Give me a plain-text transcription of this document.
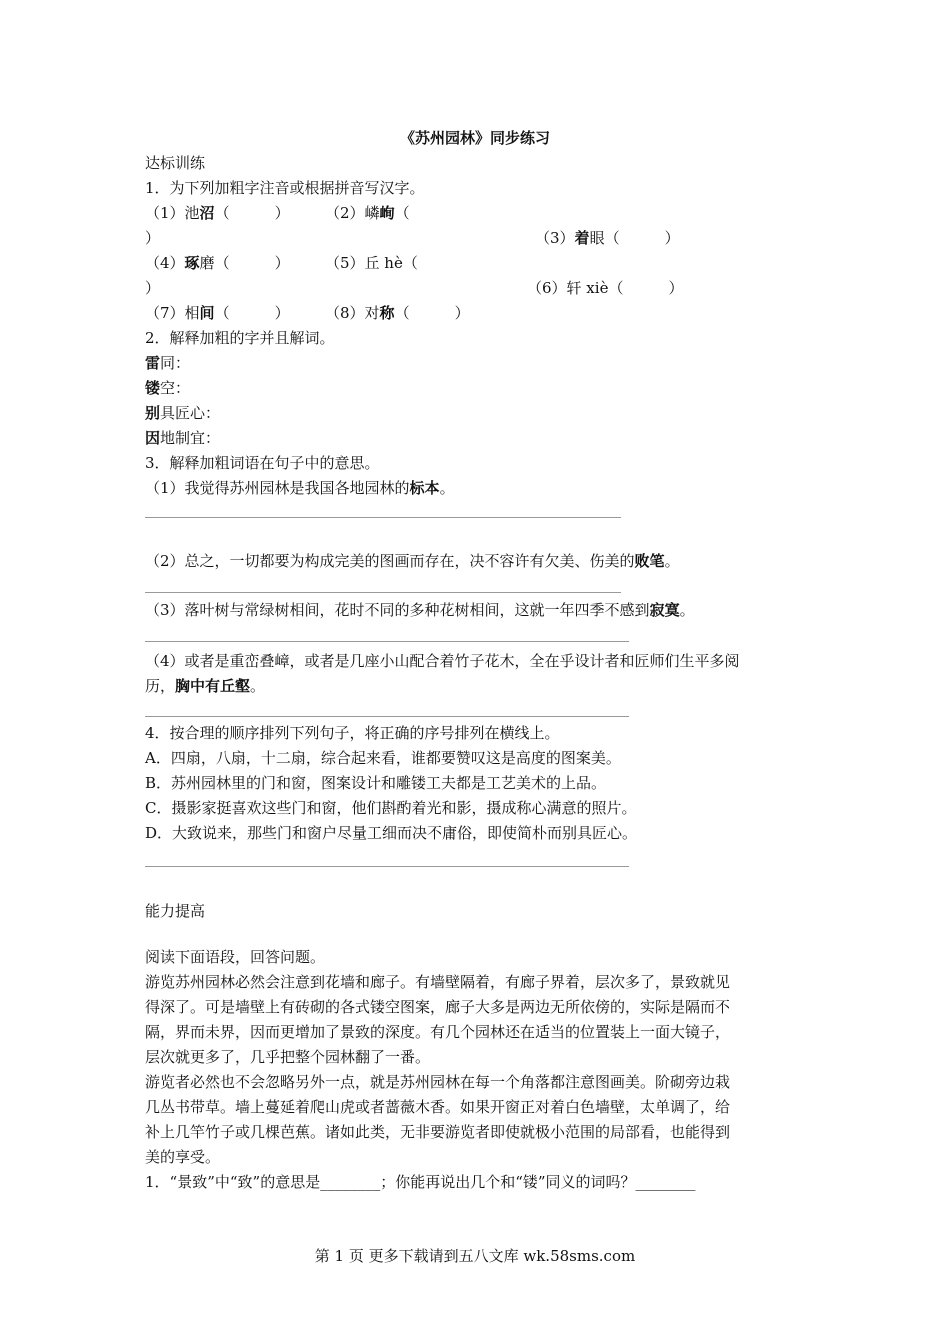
《苏州园林》同步练习
达标训练
1．为下列加粗字注音或根据拼音写汉字。
（1）池沼（　　　） （2）嶙峋（
）	（3）着眼（　　　）
（4）琢磨（　　　） （5）丘 hè（
）	（6）轩 xiè（　　　）
（7）相间（　　　） （8）对称（　　　）
2．解释加粗的字并且解词。
雷同：
镂空：
别具匠心：
因地制宜：
3．解释加粗词语在句子中的意思。
（1）我觉得苏州园林是我国各地园林的标本。
（2）总之，一切都要为构成完美的图画而存在，决不容许有欠美、伤美的败笔。
（3）落叶树与常绿树相间，花时不同的多种花树相间，这就一年四季不感到寂寞。
（4）或者是重峦叠嶂，或者是几座小山配合着竹子花木，全在乎设计者和匠师们生平多阅
历，胸中有丘壑。
4．按合理的顺序排列下列句子，将正确的序号排列在横线上。
A．四扇，八扇，十二扇，综合起来看，谁都要赞叹这是高度的图案美。
B．苏州园林里的门和窗，图案设计和雕镂工夫都是工艺美术的上品。
C．摄影家挺喜欢这些门和窗，他们斟酌着光和影，摄成称心满意的照片。
D．大致说来，那些门和窗户尽量工细而决不庸俗，即使简朴而别具匠心。
能力提高
阅读下面语段，回答问题。
游览苏州园林必然会注意到花墙和廊子。有墙壁隔着，有廊子界着，层次多了，景致就见
得深了。可是墙壁上有砖砌的各式镂空图案，廊子大多是两边无所依傍的，实际是隔而不
隔，界而未界，因而更增加了景致的深度。有几个园林还在适当的位置装上一面大镜子，
层次就更多了，几乎把整个园林翻了一番。
游览者必然也不会忽略另外一点，就是苏州园林在每一个角落都注意图画美。阶砌旁边栽
几丛书带草。墙上蔓延着爬山虎或者蔷薇木香。如果开窗正对着白色墙壁，太单调了，给
补上几竿竹子或几棵芭蕉。诸如此类，无非要游览者即使就极小范围的局部看，也能得到
美的享受。
1．“景致”中“致”的意思是________；你能再说出几个和“镂”同义的词吗？________
第 1 页 更多下载请到五八文库 wk.58sms.com
